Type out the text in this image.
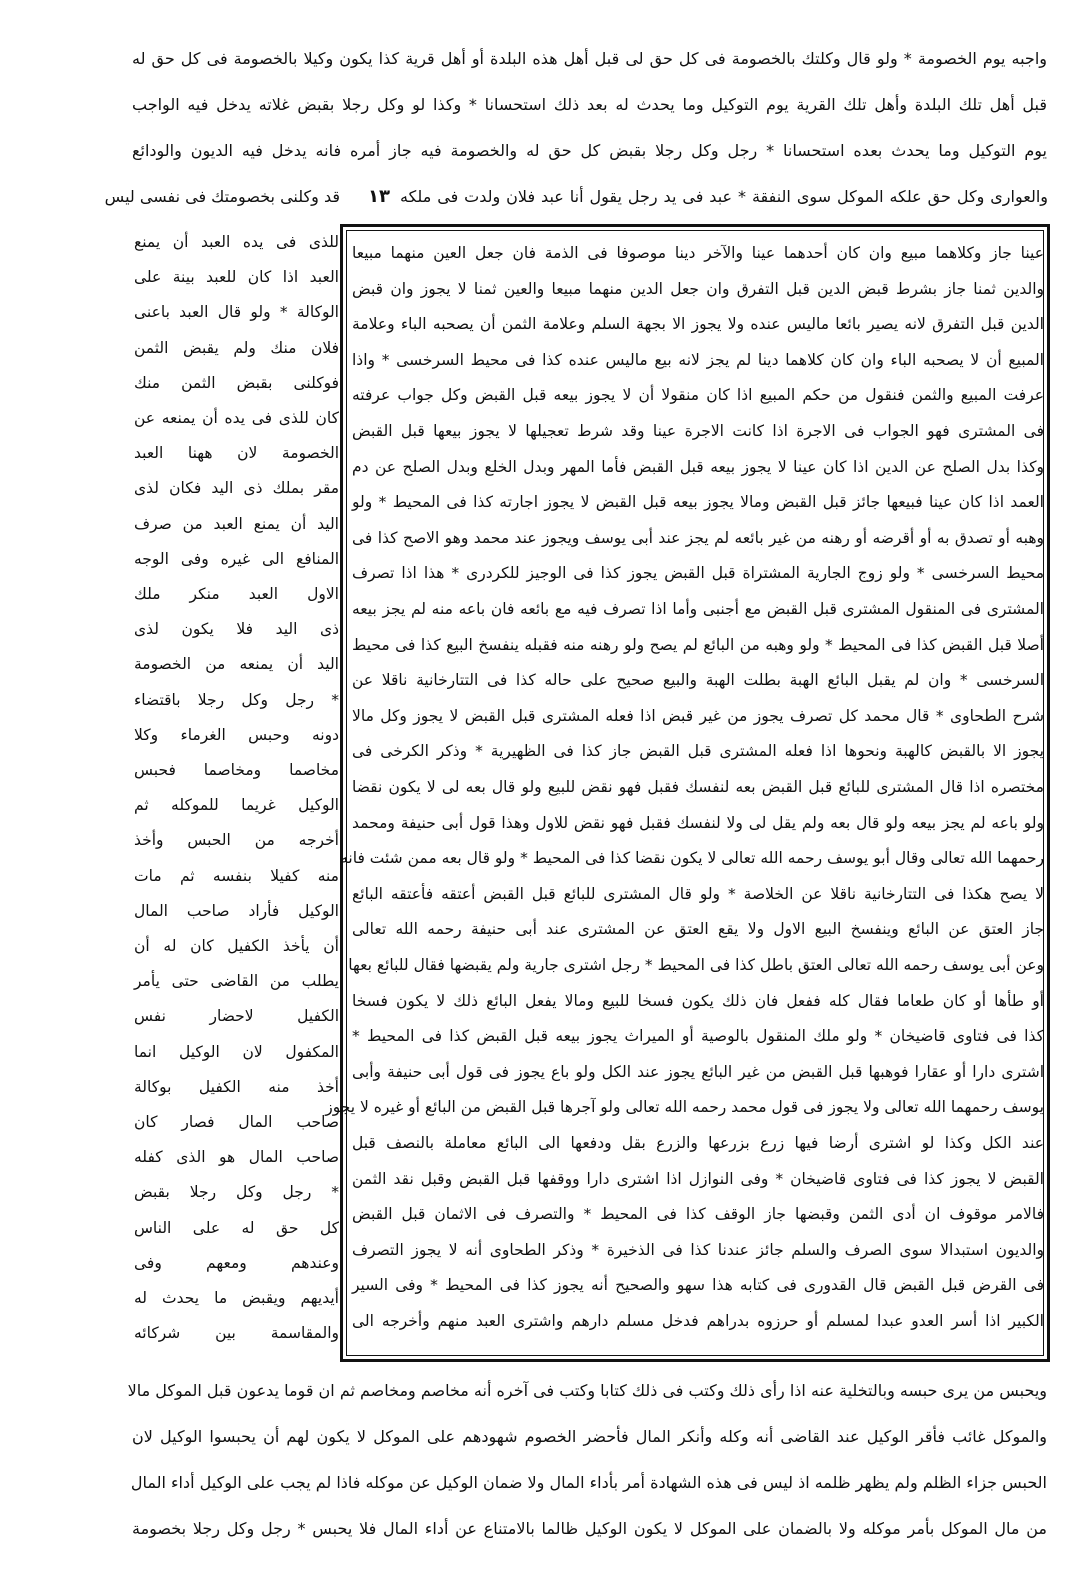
واجبه يوم الخصومة * ولو قال وكلتك بالخصومة فى كل حق لى قبل أهل هذه البلدة أو أهل قرية كذا يكون وكيلا بالخصومة فى كل حق له
قبل أهل تلك البلدة وأهل تلك القرية يوم التوكيل وما يحدث له بعد ذلك استحسانا * وكذا لو وكل رجلا بقبض غلاته يدخل فيه الواجب
يوم التوكيل وما يحدث بعده استحسانا * رجل وكل رجلا بقبض كل حق له والخصومة فيه جاز أمره فانه يدخل فيه الديون والودائع
والعوارى وكل حق علكه الموكل سوى النفقة * عبد فى يد رجل يقول أنا عبد فلان ولدت فى ملكه
١٣
قد وكلنى بخصومتك فى نفسى ليس
عينا جاز وكلاهما مبيع وان كان أحدهما عينا والآخر دينا موصوفا فى الذمة فان جعل العين منهما مبيعا
والدين ثمنا جاز بشرط قبض الدين قبل التفرق وان جعل الدين منهما مبيعا والعين ثمنا لا يجوز وان قبض
الدين قبل التفرق لانه يصير بائعا ماليس عنده ولا يجوز الا بجهة السلم وعلامة الثمن أن يصحبه الباء وعلامة
المبيع أن لا يصحبه الباء وان كان كلاهما دينا لم يجز لانه بيع ماليس عنده كذا فى محيط السرخسى * واذا
عرفت المبيع والثمن فنقول من حكم المبيع اذا كان منقولا أن لا يجوز بيعه قبل القبض وكل جواب عرفته
فى المشترى فهو الجواب فى الاجرة اذا كانت الاجرة عينا وقد شرط تعجيلها لا يجوز بيعها قبل القبض
وكذا بدل الصلح عن الدين اذا كان عينا لا يجوز بيعه قبل القبض فأما المهر وبدل الخلع وبدل الصلح عن دم
العمد اذا كان عينا فبيعها جائز قبل القبض ومالا يجوز بيعه قبل القبض لا يجوز اجارته كذا فى المحيط * ولو
وهبه أو تصدق به أو أقرضه أو رهنه من غير بائعه لم يجز عند أبى يوسف ويجوز عند محمد وهو الاصح كذا فى
محيط السرخسى * ولو زوج الجارية المشتراة قبل القبض يجوز كذا فى الوجيز للكردرى * هذا اذا تصرف
المشترى فى المنقول المشترى قبل القبض مع أجنبى وأما اذا تصرف فيه مع بائعه فان باعه منه لم يجز بيعه
أصلا قبل القبض كذا فى المحيط * ولو وهبه من البائع لم يصح ولو رهنه منه فقبله ينفسخ البيع كذا فى محيط
السرخسى * وان لم يقبل البائع الهبة بطلت الهبة والبيع صحيح على حاله كذا فى التتارخانية ناقلا عن
شرح الطحاوى * قال محمد كل تصرف يجوز من غير قبض اذا فعله المشترى قبل القبض لا يجوز وكل مالا
يجوز الا بالقبض كالهبة ونحوها اذا فعله المشترى قبل القبض جاز كذا فى الظهيرية * وذكر الكرخى فى
مختصره اذا قال المشترى للبائع قبل القبض بعه لنفسك فقبل فهو نقض للبيع ولو قال بعه لى لا يكون نقضا
ولو باعه لم يجز بيعه ولو قال بعه ولم يقل لى ولا لنفسك فقبل فهو نقض للاول وهذا قول أبى حنيفة ومحمد
رحمهما الله تعالى وقال أبو يوسف رحمه الله تعالى لا يكون نقضا كذا فى المحيط * ولو قال بعه ممن شئت فانه
لا يصح هكذا فى التتارخانية ناقلا عن الخلاصة * ولو قال المشترى للبائع قبل القبض أعتقه فأعتقه البائع
جاز العتق عن البائع وينفسخ البيع الاول ولا يقع العتق عن المشترى عند أبى حنيفة رحمه الله تعالى
وعن أبى يوسف رحمه الله تعالى العتق باطل كذا فى المحيط * رجل اشترى جارية ولم يقبضها فقال للبائع بعها
أو طأها أو كان طعاما فقال كله ففعل فان ذلك يكون فسخا للبيع ومالا يفعل البائع ذلك لا يكون فسخا
كذا فى فتاوى قاضيخان * ولو ملك المنقول بالوصية أو الميراث يجوز بيعه قبل القبض كذا فى المحيط *
اشترى دارا أو عقارا فوهبها قبل القبض من غير البائع يجوز عند الكل ولو باع يجوز فى قول أبى حنيفة وأبى
يوسف رحمهما الله تعالى ولا يجوز فى قول محمد رحمه الله تعالى ولو آجرها قبل القبض من البائع أو غيره لا يجوز
عند الكل وكذا لو اشترى أرضا فيها زرع بزرعها والزرع بقل ودفعها الى البائع معاملة بالنصف قبل
القبض لا يجوز كذا فى فتاوى قاضيخان * وفى النوازل اذا اشترى دارا ووقفها قبل القبض وقبل نقد الثمن
فالامر موقوف ان أدى الثمن وقبضها جاز الوقف كذا فى المحيط * والتصرف فى الاثمان قبل القبض
والديون استبدالا سوى الصرف والسلم جائز عندنا كذا فى الذخيرة * وذكر الطحاوى أنه لا يجوز التصرف
فى القرض قبل القبض قال القدورى فى كتابه هذا سهو والصحيح أنه يجوز كذا فى المحيط * وفى السير
الكبير اذا أسر العدو عبدا لمسلم أو حرزوه بدراهم فدخل مسلم دارهم واشترى العبد منهم وأخرجه الى
للذى فى يده العبد أن يمنع
العبد اذا كان للعبد بينة على
الوكالة * ولو قال العبد باعنى
فلان منك ولم يقبض الثمن
فوكلنى بقبض الثمن منك
كان للذى فى يده أن يمنعه عن
الخصومة لان ههنا العبد
مقر بملك ذى اليد فكان لذى
اليد أن يمنع العبد من صرف
المنافع الى غيره وفى الوجه
الاول العبد منكر ملك
ذى اليد فلا يكون لذى
اليد أن يمنعه من الخصومة
* رجل وكل رجلا باقتضاء
دونه وحبس الغرماء وكلا
مخاصما ومخاصما فحبس
الوكيل غريما للموكله ثم
أخرجه من الحبس وأخذ
منه كفيلا بنفسه ثم مات
الوكيل فأراد صاحب المال
أن يأخذ الكفيل كان له أن
يطلب من القاضى حتى يأمر
الكفيل لاحضار نفس
المكفول لان الوكيل انما
أخذ منه الكفيل بوكالة
صاحب المال فصار كان
صاحب المال هو الذى كفله
* رجل وكل رجلا بقبض
كل حق له على الناس
وعندهم ومعهم وفى
أيديهم ويقبض ما يحدث له
والمقاسمة بين شركائه
ويحبس من يرى حبسه وبالتخلية عنه اذا رأى ذلك وكتب فى ذلك كتابا وكتب فى آخره أنه مخاصم ومخاصم ثم ان قوما يدعون قبل الموكل مالا
والموكل غائب فأقر الوكيل عند القاضى أنه وكله وأنكر المال فأحضر الخصوم شهودهم على الموكل لا يكون لهم أن يحبسوا الوكيل لان
الحبس جزاء الظلم ولم يظهر ظلمه اذ ليس فى هذه الشهادة أمر بأداء المال ولا ضمان الوكيل عن موكله فاذا لم يجب على الوكيل أداء المال
من مال الموكل بأمر موكله ولا بالضمان على الموكل لا يكون الوكيل ظالما بالامتناع عن أداء المال فلا يحبس * رجل وكل رجلا بخصومة
